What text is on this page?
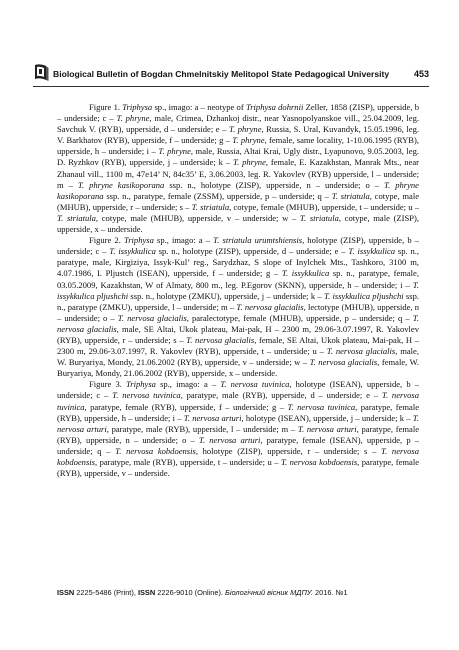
Biological Bulletin of Bogdan Chmelnitskiy Melitopol State Pedagogical University	453

Figure 1. Triphysa sp., imago: a – neotype of Triphysa dohrnii Zeller, 1858 (ZISP), upperside, b – underside; c – T. phryne, male, Crimea, Dzhankoj distr., near Yasnopolyanskoe vill., 25.04.2009, leg. Savchuk V. (RYB), upperside, d – underside; e – T. phryne, Russia, S. Ural, Kuvandyk, 15.05.1996, leg. V. Barkhatov (RYB), upperside, f – underside; g – T. phryne, female, same locality, 1-10.06.1995 (RYB), upperside, h – underside; i – T. phryne, male, Russia, Altai Krai, Ugly distr., Lyapunovo, 9.05.2003, leg. D. Ryzhkov (RYB), upperside, j – underside; k – T. phryne, female, E. Kazakhstan, Manrak Mts., near Zhanaul vill., 1100 m, 47e14’ N, 84c35’ E, 3.06.2003, leg. R. Yakovlev (RYB) upperside, l – underside; m – T. phryne kasikoporana ssp. n., holotype (ZISP), upperside, n – underside; o – T. phryne kasikoporana ssp. n., paratype, female (ZSSM), upperside, p – underside; q – T. striatula, cotype, male (MHUB), upperside, r – underside; s – T. striatula, cotype, female (MHUB), upperside, t – underside; u – T. striatula, cotype, male (MHUB), upperside, v – underside; w – T. striatula, cotype, male (ZISP), upperside, x – underside.

Figure 2. Triphysa sp., imago: a – T. striatula urumtshiensis, holotype (ZISP), upperside, b – underside; c – T. issykkulica sp. n., holotype (ZISP), upperside, d – underside; e – T. issykkulica sp. n., paratype, male, Kirgiziya, Issyk-Kul’ reg., Sarydzhaz, S slope of Inylchek Mts., Tashkoro, 3100 m, 4.07.1986, I. Pljustch (ISEAN), upperside, f – underside; g – T. issykkulica sp. n., paratype, female, 03.05.2009, Kazakhstan, W of Almaty, 800 m., leg. P.Egorov (SKNN), upperside, h – underside; i – T. issykkulica pljushchi ssp. n., holotype (ZMKU), upperside, j – underside; k – T. issykkulica pljushchi ssp. n., paratype (ZMKU), upperside, l – underside; m – T. nervosa glacialis, lectotype (MHUB), upperside, n – underside; o – T. nervosa glacialis, paralectotype, female (MHUB), upperside, p – underside; q – T. nervosa glacialis, male, SE Altai, Ukok plateau, Mai-pak, H – 2300 m, 29.06-3.07.1997, R. Yakovlev (RYB), upperside, r – underside; s – T. nervosa glacialis, female, SE Altai, Ukok plateau, Mai-pak, H – 2300 m, 29.06-3.07.1997, R. Yakovlev (RYB), upperside, t – underside; u – T. nervosa glacialis, male, W. Buryariya, Mondy, 21.06.2002 (RYB), upperside, v – underside; w – T. nervosa glacialis, female, W. Buryariya, Mondy, 21.06.2002 (RYB), upperside, x – underside.

Figure 3. Triphysa sp., imago: a – T. nervosa tuvinica, holotype (ISEAN), upperside, b – underside; c – T. nervosa tuvinica, paratype, male (RYB), upperside, d – underside; e – T. nervosa tuvinica, paratype, female (RYB), upperside, f – underside; g – T. nervosa tuvinica, paratype, female (RYB), upperside, h – underside; i – T. nervosa arturi, holotype (ISEAN), upperside, j – underside; k – T. nervosa arturi, paratype, male (RYB), upperside, l – underside; m – T. nervosa arturi, paratype, female (RYB), upperside, n – underside; o – T. nervosa arturi, paratype, female (ISEAN), upperside, p – underside; q – T. nervosa kobdoensis, holotype (ZISP), upperside, r – underside; s – T. nervosa kobdoensis, paratype, male (RYB), upperside, t – underside; u – T. nervosa kobdoensis, paratype, female (RYB), upperside, v – underside.

ISSN 2225-5486 (Print), ISSN 2226-9010 (Online). Біологічний вісник МДПУ. 2016. №1
